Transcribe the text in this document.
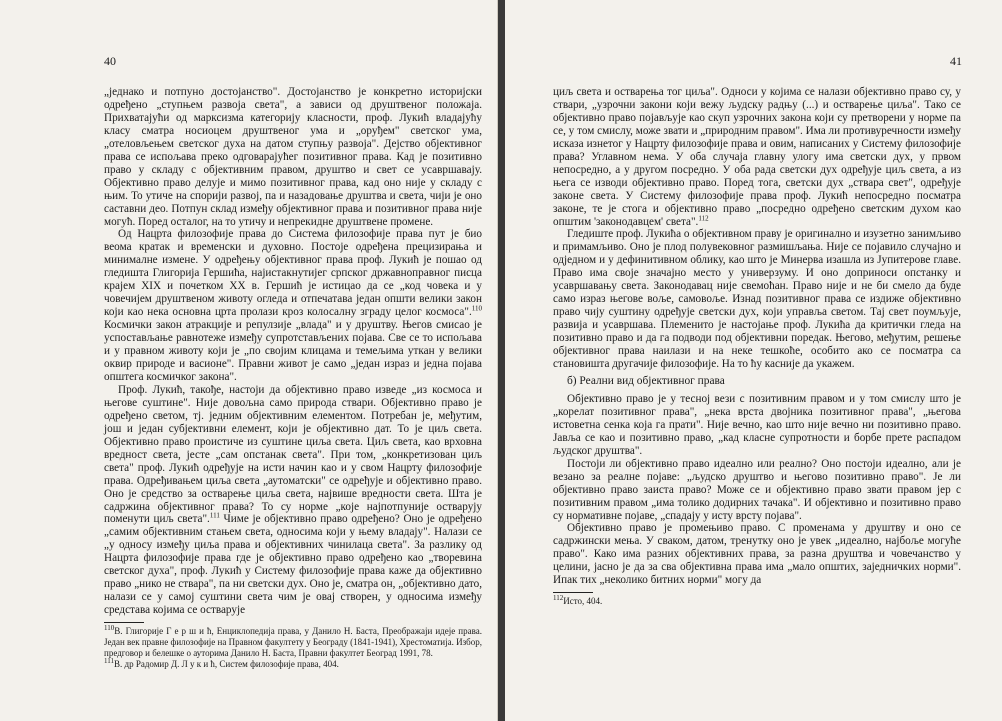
40

„једнако и потпуно достојанство". Достојанство је конкретно историјски одређено „ступњем развоја света", а зависи од друштвеног положаја. Прихватајући од марксизма категорију класности, проф. Лукић владајућу класу смaтра носиоцем друштвеног ума и „оруђем" светског ума, „отеловљењем светског духа на датом ступњу развоја". Дејство објективног права се испољава преко одговарајућег позитивног права. Кад је позитивно право у складу с објективним правом, друштво и свет се усавршавају. Објективно право делује и мимо позитивног права, кад оно није у складу с њим. То утиче на спорији развој, па и назадовање друштва и света, чији је оно саставни део. Потпун склад између објективног права и позитивног права није могућ. Поред осталог, на то утичу и непрекидне друштвене промене.

Од Нацрта филозофије права до Система филозофије права пут је био веома кратак и временски и духовно. Постоје одређена прецизирања и минималне измене. У одређењу објективног права проф. Лукић је пошао од гледишта Глигорија Гершића, најистакнутијег српског државноправног писца крајем XIX и почетком XX в. Гершић је истицао да се „код човека и у човечијем друштвеном животу огледа и отпечатава један општи велики закон који као нека основна црта пролази кроз колосалну зграду целог космоса".$^{110}$ Космички закон атракције и репулзије „влада" и у друштву. Његов смисао је успостављање равнотеже између супротстављених појава. Све се то испољава и у правном животу који је „по својим клицама и темељима уткан у велики оквир природе и васионе". Правни живот је само „један израз и једна појава општега космичког закона".

Проф. Лукић, такође, настоји да објективно право изведе „из космоса и његове суштине". Није довољна само природа ствари. Објективно право је одређено светом, тј. једним објективним елементом. Потребан је, међутим, још и један субјективни елемент, који је објективно дат. То је циљ света. Објективно право проистиче из суштине циља света. Циљ света, као врховна вредност света, јесте „сам опстанак света". При том, „конкретизован циљ света" проф. Лукић одређује на исти начин као и у свом Нацрту филозофије права. Одређивањем циља света „аутоматски" се одређује и објективно право. Оно је средство за остварење циља света, највише вредности света. Шта је садржина објективног права? То су норме „које најпотпуније остварују поменути циљ света".$^{111}$ Чиме је објективно право одређено? Оно је одређено „самим објективним стањем света, односима који у њему владају". Налази се „у односу између циља права и објективних чинилаца света". За разлику од Нацрта филозофије права где је објективно право одређено као „творевина светског духа", проф. Лукић у Систему филозофије права каже да објективно право „нико не ствара", па ни светски дух. Оно је, сматра он, „објективно дато, налази се у самој суштини света чим је овај створен, у односима између средстава којима се остварује

$^{110}$В. Глигорије Г е р ш и ћ, Енциклопедија права, у Данило Н. Баста, Преображаји идеје права. Један век правне филозофије на Правном факултету у Београду (1841-1941), Хрестоматија. Избор, предговор и белешке о ауторима Данило Н. Баста, Правни факултет Београд 1991, 78.

$^{111}$В. др Радомир Д. Л у к и ћ, Систем филозофије права, 404.

41

циљ света и остварења тог циља". Односи у којима се налази објективно право су, у ствари, „узрочни закони који вежу људску радњу (...) и остварење циља". Тако се објективно право појављује као скуп узрочних закона који су претворени у норме па се, у том смислу, може звати и „природним правом". Има ли противуречности између исказа изнетог у Нацрту филозофије права и овим, написаних у Систему филозофије права? Углавном нема. У оба случаја главну улогу има светски дух, у првом непосредно, а у другом посредно. У оба рада светски дух одређује циљ света, а из њега се изводи објективно право. Поред тога, светски дух „ствара свет", одређује законе света. У Систему филозофије права проф. Лукић непосредно посматра законе, те је стога и објективно право „посредно одређено светским духом као општим 'законодавцем' света".$^{112}$

Гледиште проф. Лукића о објективном праву је оригинално и изузетно занимљиво и примамљиво. Оно је плод полувековног размишљања. Није се појавило случајно и одједном и у дефинитивном облику, као што је Минерва изашла из Јупитерове главе. Право има своје значајно место у универзуму. И оно доприноси опстанку и усавршавању света. Законодавац није свемоћан. Право није и не би смело да буде само израз његове воље, самовоље. Изнад позитивног права се издиже објективно право чију суштину одређује светски дух, који управља светом. Тај свет поумљује, развија и усавршава. Племенито је настојање проф. Лукића да критички гледа на позитивно право и да га подводи под објективни поредак. Његово, међутим, решење објективног права наилази и на неке тешкоће, особито ако се посматра са становишта другачије филозофије. На то ћу касније да укажем.

б) Реални вид објективног права

Објективно право је у тесној вези с позитивним правом и у том смислу што је „корелат позитивног права", „нека врста двојника позитивног права", „његова истоветна сенка која га прати". Није вечно, као што није вечно ни позитивно право. Јавља се као и позитивно право, „кад класне супротности и борбе прете распадом људског друштва".

Постоји ли објективно право идеално или реално? Оно постоји идеално, али је везано за реалне појаве: „људско друштво и његово позитивно право". Је ли објективно право заиста право? Може се и објективно право звати правом јер с позитивним правом „има толико додирних тачака". И објективно и позитивно право су нормативне појаве, „спадају у исту врсту појава".

Објективно право је промењиво право. С променама у друштву и оно се садржински мења. У сваком, датом, тренутку оно је увек „идеално, најбоље могуће право". Како има разних објективних права, за разна друштва и човечанство у целини, јасно је да за сва објективна права има „мало општих, заједничких норми". Ипак тих „неколико битних норми" могу да

$^{112}$Исто, 404.
